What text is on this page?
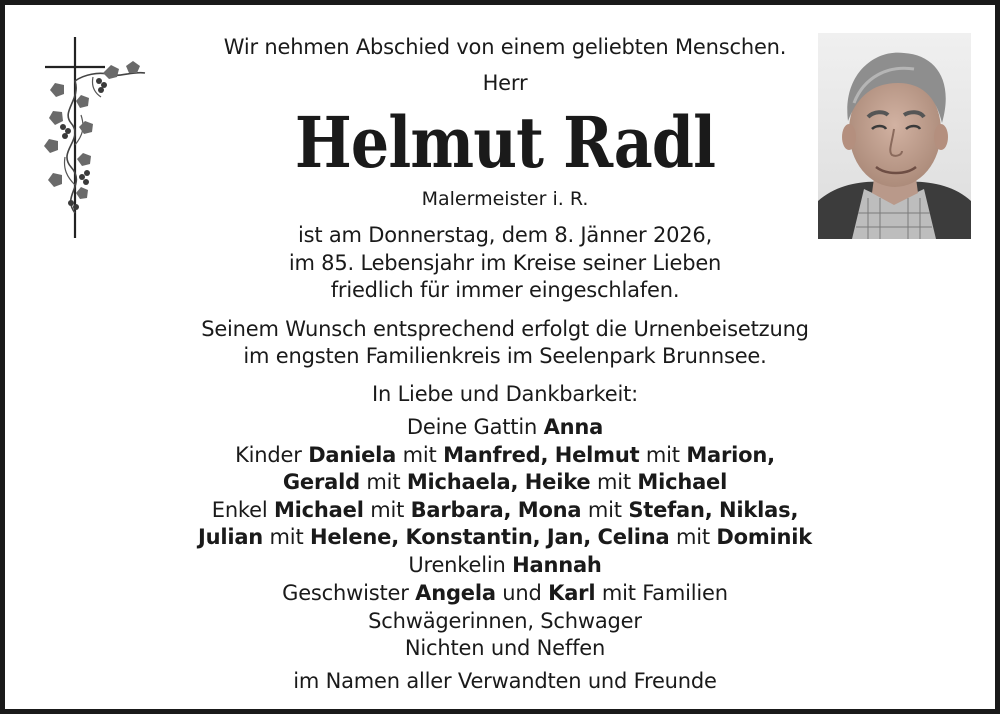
Wir nehmen Abschied von einem geliebten Menschen.
Herr
Helmut Radl
Malermeister i. R.
ist am Donnerstag, dem 8. Jänner 2026,
im 85. Lebensjahr im Kreise seiner Lieben
friedlich für immer eingeschlafen.
Seinem Wunsch entsprechend erfolgt die Urnenbeisetzung
im engsten Familienkreis im Seelenpark Brunnsee.
In Liebe und Dankbarkeit:
Deine Gattin Anna
Kinder Daniela mit Manfred, Helmut mit Marion,
Gerald mit Michaela, Heike mit Michael
Enkel Michael mit Barbara, Mona mit Stefan, Niklas,
Julian mit Helene, Konstantin, Jan, Celina mit Dominik
Urenkelin Hannah
Geschwister Angela und Karl mit Familien
Schwägerinnen, Schwager
Nichten und Neffen
im Namen aller Verwandten und Freunde
